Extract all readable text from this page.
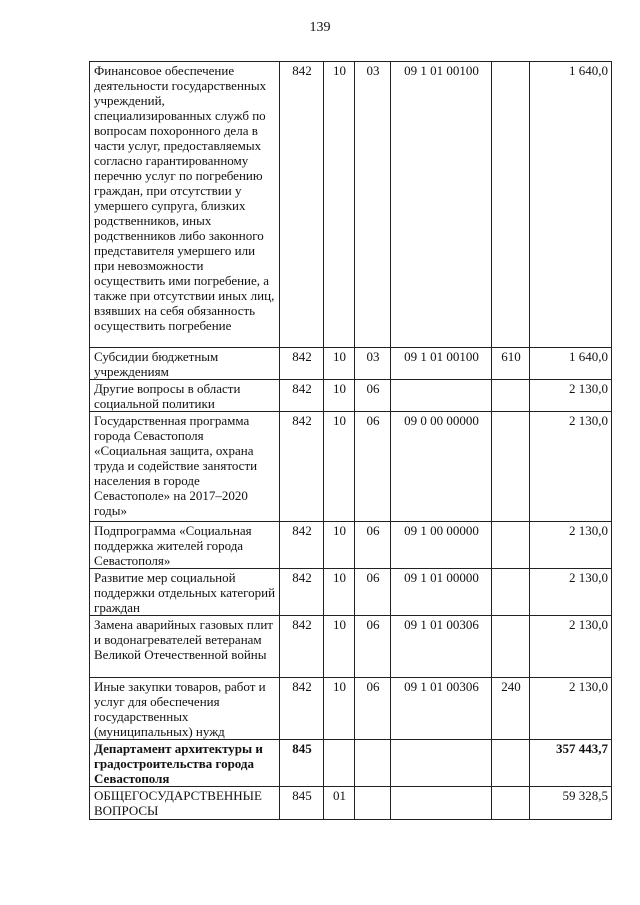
139
Финансовое обеспечение деятельности государственных учреждений, специализированных служб по вопросам похоронного дела в части услуг, предоставляемых согласно гарантированному перечню услуг по погребению граждан, при отсутствии у умершего супруга, близких родственников, иных родственников либо законного представителя умершего или при невозможности осуществить ими погребение, а также при отсутствии иных лиц, взявших на себя обязанность осуществить погребение	842	10	03	09 1 01 00100		1 640,0
Субсидии бюджетным учреждениям	842	10	03	09 1 01 00100	610	1 640,0
Другие вопросы в области социальной политики	842	10	06			2 130,0
Государственная программа города Севастополя «Социальная защита, охрана труда и содействие занятости населения в городе Севастополе» на 2017–2020 годы»	842	10	06	09 0 00 00000		2 130,0
Подпрограмма «Социальная поддержка жителей города Севастополя»	842	10	06	09 1 00 00000		2 130,0
Развитие мер социальной поддержки отдельных категорий граждан	842	10	06	09 1 01 00000		2 130,0
Замена аварийных газовых плит и водонагревателей ветеранам Великой Отечественной войны	842	10	06	09 1 01 00306		2 130,0
Иные закупки товаров, работ и услуг для обеспечения государственных (муниципальных) нужд	842	10	06	09 1 01 00306	240	2 130,0
Департамент архитектуры и градостроительства города Севастополя	845					357 443,7
ОБЩЕГОСУДАРСТВЕННЫЕ ВОПРОСЫ	845	01				59 328,5
